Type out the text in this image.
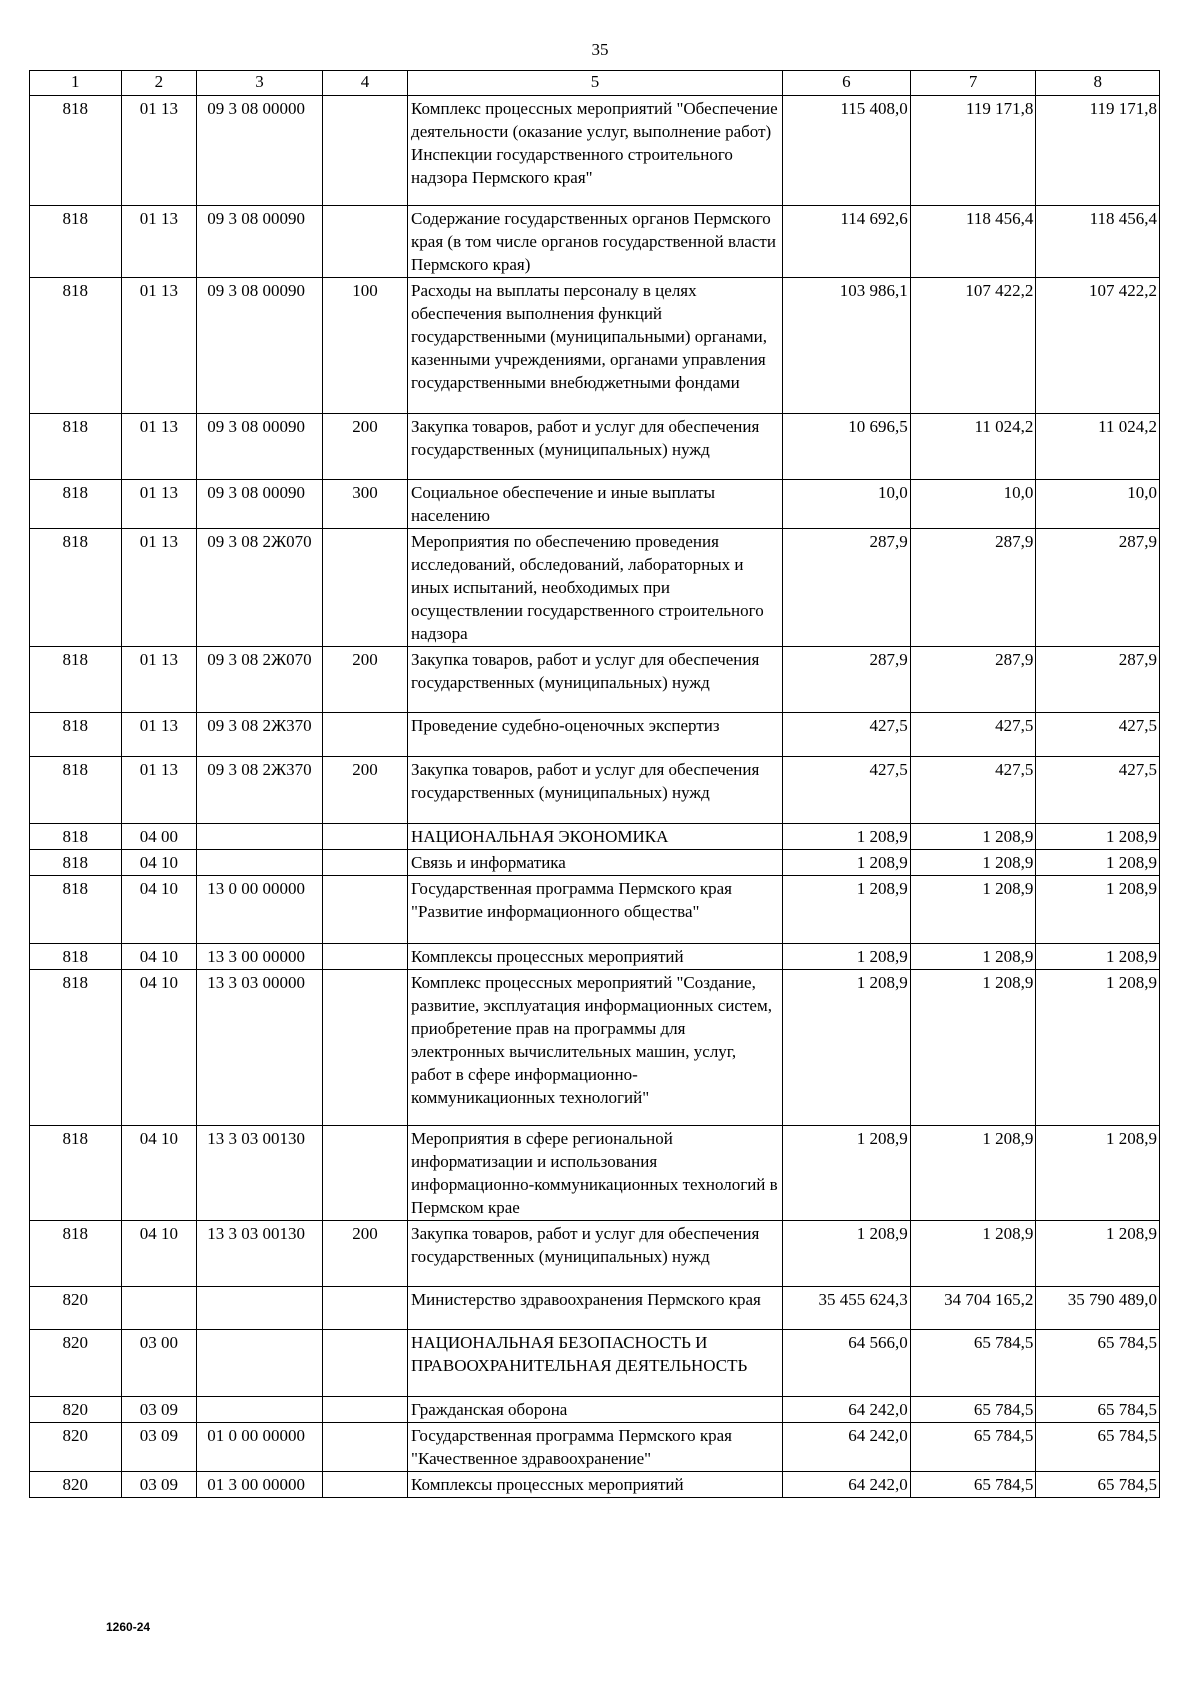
35
1	2	3	4	5	6	7	8
818	01 13	09 3 08 00000		Комплекс процессных мероприятий "Обеспечение деятельности (оказание услуг, выполнение работ) Инспекции государственного строительного надзора Пермского края"	115 408,0	119 171,8	119 171,8
818	01 13	09 3 08 00090		Содержание государственных органов Пермского края (в том числе органов государственной власти Пермского края)	114 692,6	118 456,4	118 456,4
818	01 13	09 3 08 00090	100	Расходы на выплаты персоналу в целях обеспечения выполнения функций государственными (муниципальными) органами, казенными учреждениями, органами управления государственными внебюджетными фондами	103 986,1	107 422,2	107 422,2
818	01 13	09 3 08 00090	200	Закупка товаров, работ и услуг для обеспечения государственных (муниципальных) нужд	10 696,5	11 024,2	11 024,2
818	01 13	09 3 08 00090	300	Социальное обеспечение и иные выплаты населению	10,0	10,0	10,0
818	01 13	09 3 08 2Ж070		Мероприятия по обеспечению проведения исследований, обследований, лабораторных и иных испытаний, необходимых при осуществлении государственного строительного надзора	287,9	287,9	287,9
818	01 13	09 3 08 2Ж070	200	Закупка товаров, работ и услуг для обеспечения государственных (муниципальных) нужд	287,9	287,9	287,9
818	01 13	09 3 08 2Ж370		Проведение судебно-оценочных экспертиз	427,5	427,5	427,5
818	01 13	09 3 08 2Ж370	200	Закупка товаров, работ и услуг для обеспечения государственных (муниципальных) нужд	427,5	427,5	427,5
818	04 00			НАЦИОНАЛЬНАЯ ЭКОНОМИКА	1 208,9	1 208,9	1 208,9
818	04 10			Связь и информатика	1 208,9	1 208,9	1 208,9
818	04 10	13 0 00 00000		Государственная программа Пермского края "Развитие информационного общества"	1 208,9	1 208,9	1 208,9
818	04 10	13 3 00 00000		Комплексы процессных мероприятий	1 208,9	1 208,9	1 208,9
818	04 10	13 3 03 00000		Комплекс процессных мероприятий "Создание, развитие, эксплуатация информационных систем, приобретение прав на программы для электронных вычислительных машин, услуг, работ в сфере информационно-коммуникационных технологий"	1 208,9	1 208,9	1 208,9
818	04 10	13 3 03 00130		Мероприятия в сфере региональной информатизации и использования информационно-коммуникационных технологий в Пермском крае	1 208,9	1 208,9	1 208,9
818	04 10	13 3 03 00130	200	Закупка товаров, работ и услуг для обеспечения государственных (муниципальных) нужд	1 208,9	1 208,9	1 208,9
820				Министерство здравоохранения Пермского края	35 455 624,3	34 704 165,2	35 790 489,0
820	03 00			НАЦИОНАЛЬНАЯ БЕЗОПАСНОСТЬ И ПРАВООХРАНИТЕЛЬНАЯ ДЕЯТЕЛЬНОСТЬ	64 566,0	65 784,5	65 784,5
820	03 09			Гражданская оборона	64 242,0	65 784,5	65 784,5
820	03 09	01 0 00 00000		Государственная программа Пермского края "Качественное здравоохранение"	64 242,0	65 784,5	65 784,5
820	03 09	01 3 00 00000		Комплексы процессных мероприятий	64 242,0	65 784,5	65 784,5
1260-24
